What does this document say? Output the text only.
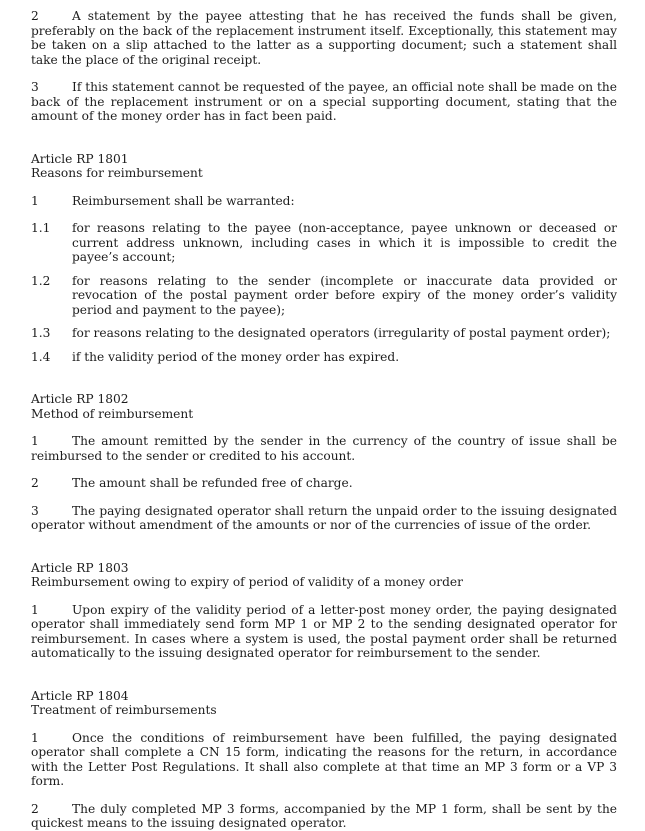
2	A statement by the payee attesting that he has received the funds shall be given, preferably on the back of the replacement instrument itself. Exceptionally, this statement may be taken on a slip attached to the latter as a supporting document; such a statement shall take the place of the original receipt.

3	If this statement cannot be requested of the payee, an official note shall be made on the back of the replacement instrument or on a special supporting document, stating that the amount of the money order has in fact been paid.

Article RP 1801
Reasons for reimbursement

1	Reimbursement shall be warranted:

1.1 for reasons relating to the payee (non-acceptance, payee unknown or deceased or current address unknown, including cases in which it is impossible to credit the payee’s account;

1.2 for reasons relating to the sender (incomplete or inaccurate data provided or revocation of the postal payment order before expiry of the money order’s validity period and payment to the payee);

1.3 for reasons relating to the designated operators (irregularity of postal payment order);

1.4 if the validity period of the money order has expired.

Article RP 1802
Method of reimbursement

1	The amount remitted by the sender in the currency of the country of issue shall be reimbursed to the sender or credited to his account.

2	The amount shall be refunded free of charge.

3	The paying designated operator shall return the unpaid order to the issuing designated operator without amendment of the amounts or nor of the currencies of issue of the order.

Article RP 1803
Reimbursement owing to expiry of period of validity of a money order

1	Upon expiry of the validity period of a letter-post money order, the paying designated operator shall immediately send form MP 1 or MP 2 to the sending designated operator for reimbursement. In cases where a system is used, the postal payment order shall be returned automatically to the issuing designated operator for reimbursement to the sender.

Article RP 1804
Treatment of reimbursements

1	Once the conditions of reimbursement have been fulfilled, the paying designated operator shall complete a CN 15 form, indicating the reasons for the return, in accordance with the Letter Post Regulations. It shall also complete at that time an MP 3 form or a VP 3 form.

2	The duly completed MP 3 forms, accompanied by the MP 1 form, shall be sent by the quickest means to the issuing designated operator.
